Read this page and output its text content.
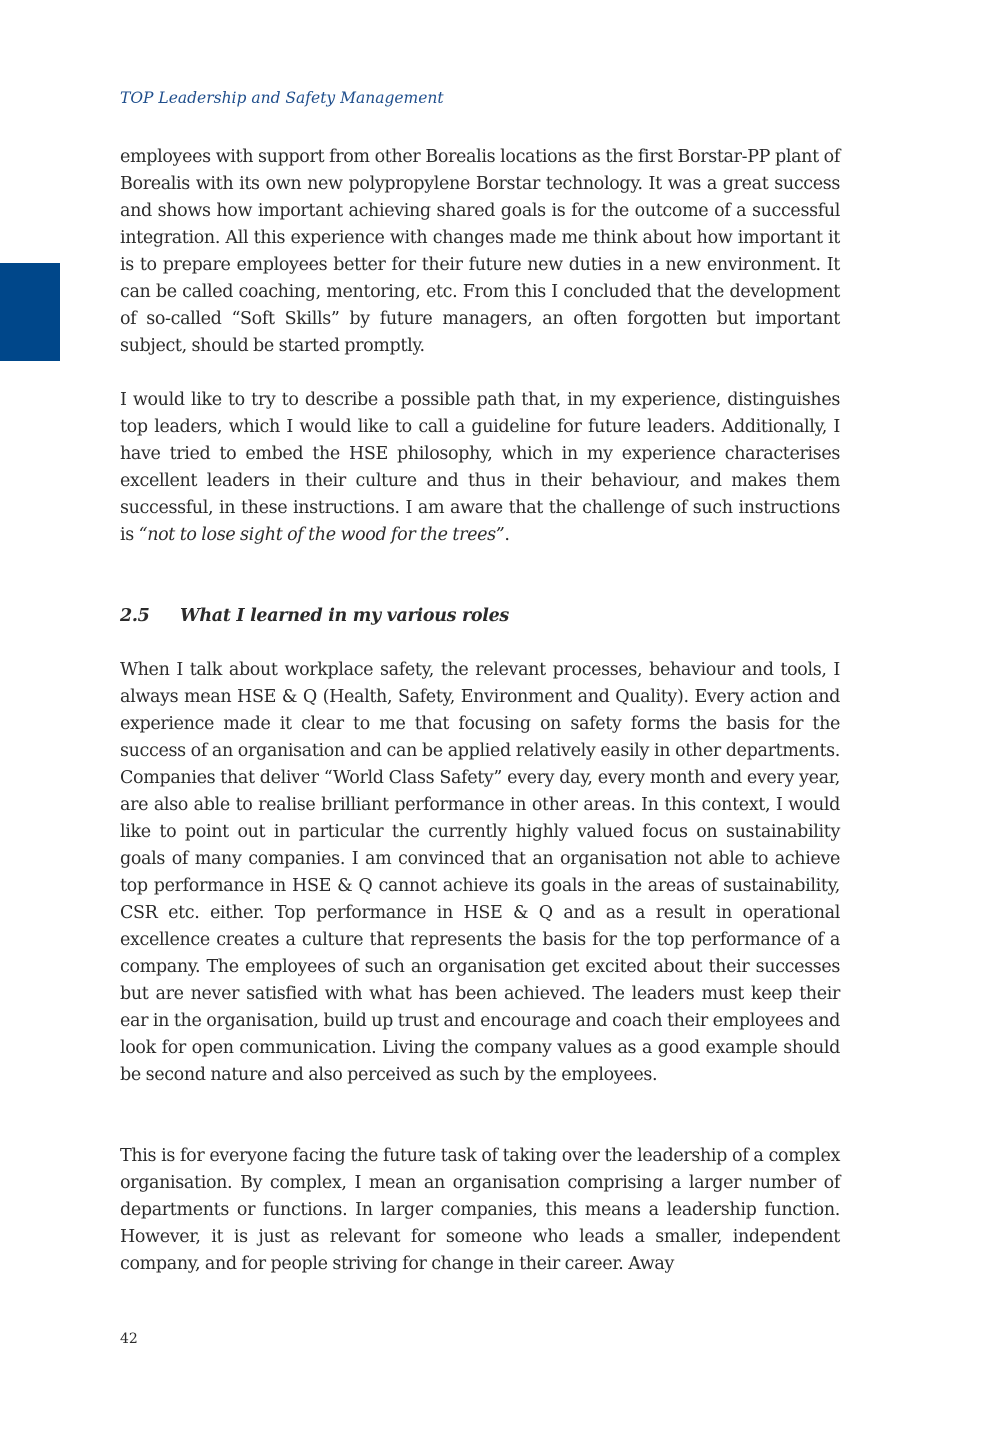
TOP Leadership and Safety Management

employees with support from other Borealis locations as the first Borstar-PP plant of Borealis with its own new polypropylene Borstar technology. It was a great success and shows how important achieving shared goals is for the outcome of a successful integration. All this experience with changes made me think about how important it is to prepare employees better for their future new duties in a new environment. It can be called coaching, mentoring, etc. From this I concluded that the development of so-called “Soft Skills” by future managers, an often forgotten but important subject, should be started promptly.

I would like to try to describe a possible path that, in my experience, distinguishes top leaders, which I would like to call a guideline for future leaders. Additionally, I have tried to embed the HSE philosophy, which in my experience characterises excellent leaders in their culture and thus in their behaviour, and makes them successful, in these instructions. I am aware that the challenge of such instructions is “not to lose sight of the wood for the trees”.

2.5 What I learned in my various roles

When I talk about workplace safety, the relevant processes, behaviour and tools, I always mean HSE & Q (Health, Safety, Environment and Quality). Every action and experience made it clear to me that focusing on safety forms the basis for the success of an organisation and can be applied relatively easily in other departments. Companies that deliver “World Class Safety” every day, every month and every year, are also able to realise brilliant performance in other areas. In this context, I would like to point out in particular the currently highly valued focus on sustainability goals of many companies. I am convinced that an organisation not able to achieve top performance in HSE & Q cannot achieve its goals in the areas of sustainability, CSR etc. either. Top performance in HSE & Q and as a result in operational excellence creates a culture that represents the basis for the top performance of a company. The employees of such an organisation get excited about their successes but are never satisfied with what has been achieved. The leaders must keep their ear in the organisation, build up trust and encourage and coach their employees and look for open communication. Living the company values as a good example should be second nature and also perceived as such by the employees.

This is for everyone facing the future task of taking over the leadership of a complex organisation. By complex, I mean an organisation comprising a larger number of departments or functions. In larger companies, this means a leadership function. However, it is just as relevant for someone who leads a smaller, independent company, and for people striving for change in their career. Away

42
